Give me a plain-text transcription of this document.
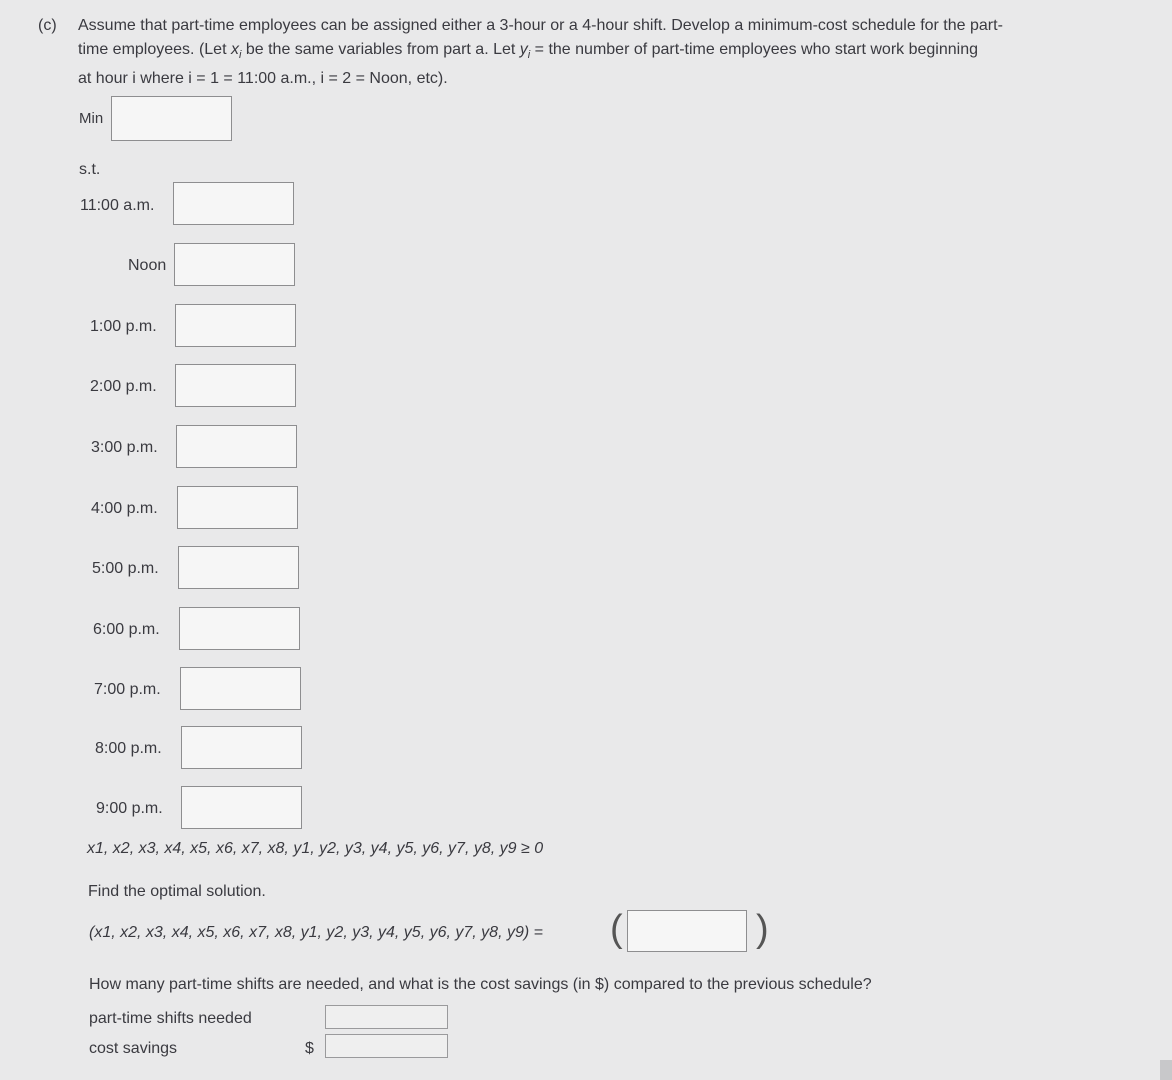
(c) Assume that part-time employees can be assigned either a 3-hour or a 4-hour shift. Develop a minimum-cost schedule for the part-
time employees. (Let $x_i$ be the same variables from part a. Let $y_i$ = the number of part-time employees who start work beginning
at hour i where i = 1 = 11:00 a.m., i = 2 = Noon, etc).
Min
s.t.
11:00 a.m.
Noon
1:00 p.m.
2:00 p.m.
3:00 p.m.
4:00 p.m.
5:00 p.m.
6:00 p.m.
7:00 p.m.
8:00 p.m.
9:00 p.m.
x1, x2, x3, x4, x5, x6, x7, x8, y1, y2, y3, y4, y5, y6, y7, y8, y9 ≥ 0
Find the optimal solution.
(x1, x2, x3, x4, x5, x6, x7, x8, y1, y2, y3, y4, y5, y6, y7, y8, y9) = (	)
How many part-time shifts are needed, and what is the cost savings (in $) compared to the previous schedule?
part-time shifts needed
cost savings	$
